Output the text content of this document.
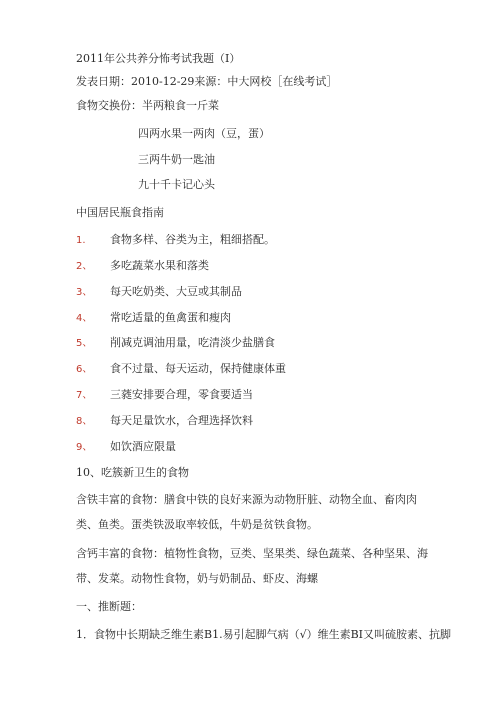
2011年公共养分怖考试我题（I）
发表日期：2010-12-29来源：中大网校［在线考试］
食物交换份：半两粮食一斤菜
四两水果一两肉（豆，蛋）
三两牛奶一匙油
九十千卡记心头
中国居民瓶食指南
1. 食物多样、谷类为主，粗细搭配。
2、 多吃蔬菜水果和落类
3、 每天吃奶类、大豆或其制品
4、 常吃适量的鱼禽蛋和瘦肉
5、 削减克调油用量，吃清淡少盐膳食
6、 食不过量、每天运动，保持健康体重
7、 三蕤安排要合理，零食要适当
8、 每天足量饮水，合理选择饮料
9、 如饮酒应限量
10、吃簇新卫生的食物
含铁丰富的食物：膳食中铁的良好来源为动物肝脏、动物全血、畜肉肉类、鱼类。蛋类铁汲取率较低，牛奶是贫铁食物。
含钙丰富的食物：植物性食物，豆类、坚果类、绿色蔬菜、各种坚果、海带、发菜。动物性食物，奶与奶制品、虾皮、海螺
一、推断题：
1．食物中长期缺乏维生素B1.易引起脚气病（√）维生素BI又叫硫胺素、抗脚
